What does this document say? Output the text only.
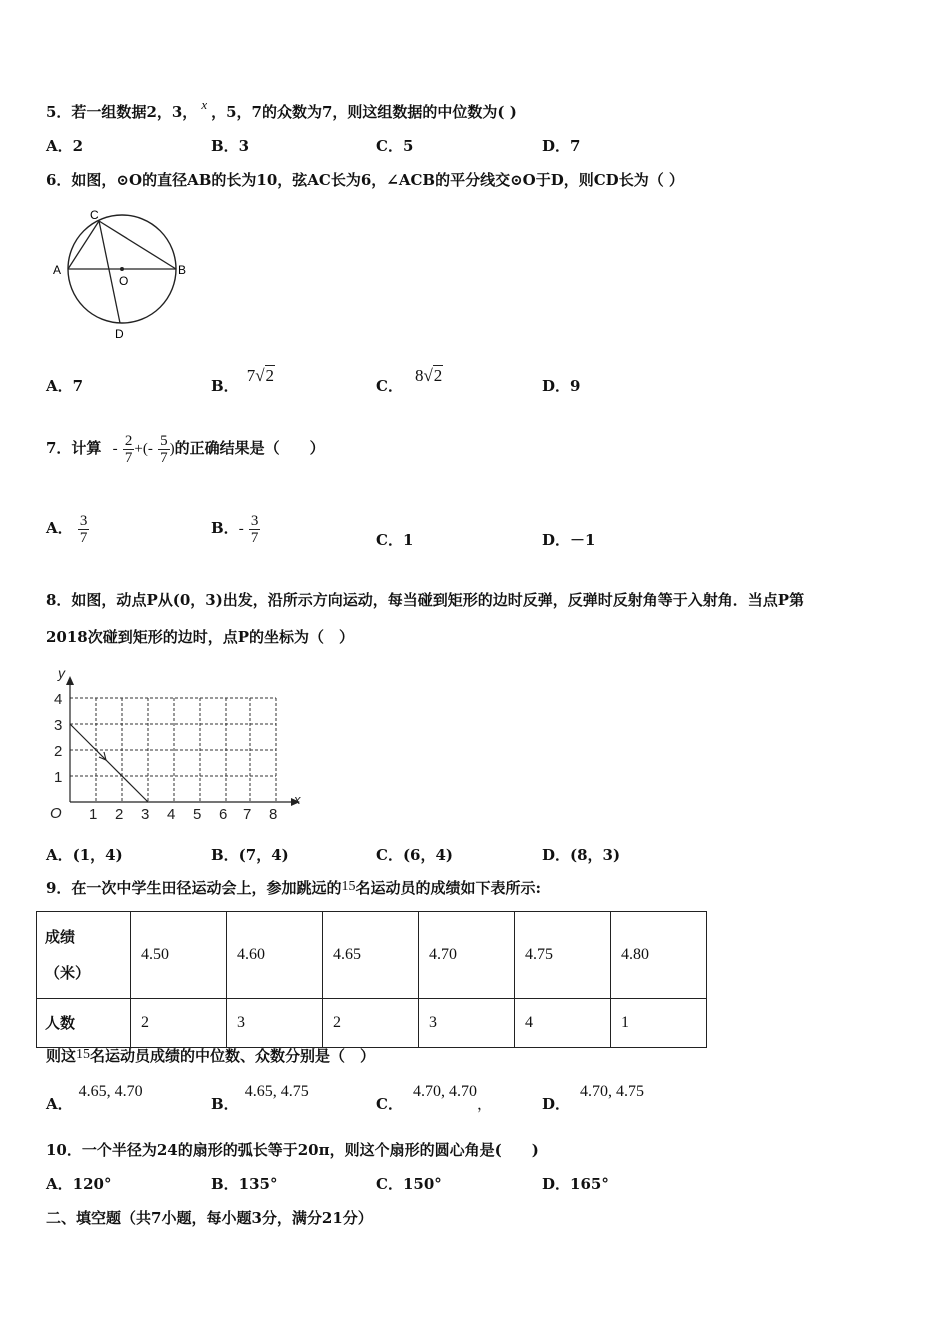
5．若一组数据2，3， x ，5，7的众数为7，则这组数据的中位数为( )
A．2	B．3	C．5	D．7
6．如图，⊙O的直径AB的长为10，弦AC长为6，∠ACB的平分线交⊙O于D，则CD长为（ ）
C
A
O
B
D
A．7	B．7√2
C．8√2
D．9
7．计算 - $\frac{2}{7}$ +(- $\frac{5}{7}$ )的正确结果是（　　）
A． $\frac{3}{7}$	B．- $\frac{3}{7}$	C．1	D．－1
8．如图，动点P从(0，3)出发，沿所示方向运动，每当碰到矩形的边时反弹，反弹时反射角等于入射角．当点P第
2018次碰到矩形的边时，点P的坐标为（　）
y
x
O
4
3
2
1
1 2 3 4 5 6 7 8
A．(1，4)	B．(7，4)	C．(6，4)	D．(8，3)
9．在一次中学生田径运动会上，参加跳远的15名运动员的成绩如下表所示:
成绩
（米）	4.50	4.60	4.65	4.70	4.75	4.80
人数	2	3	2	3	4	1
则这15名运动员成绩的中位数、众数分别是（　）
A．4.65, 4.70
B．4.65, 4.75
C．4.70, 4.70，	D．4.70, 4.75
10．一个半径为24的扇形的弧长等于20π，则这个扇形的圆心角是(　　)
A．120°	B．135°	C．150°	D．165°
二、填空题（共7小题，每小题3分，满分21分）
